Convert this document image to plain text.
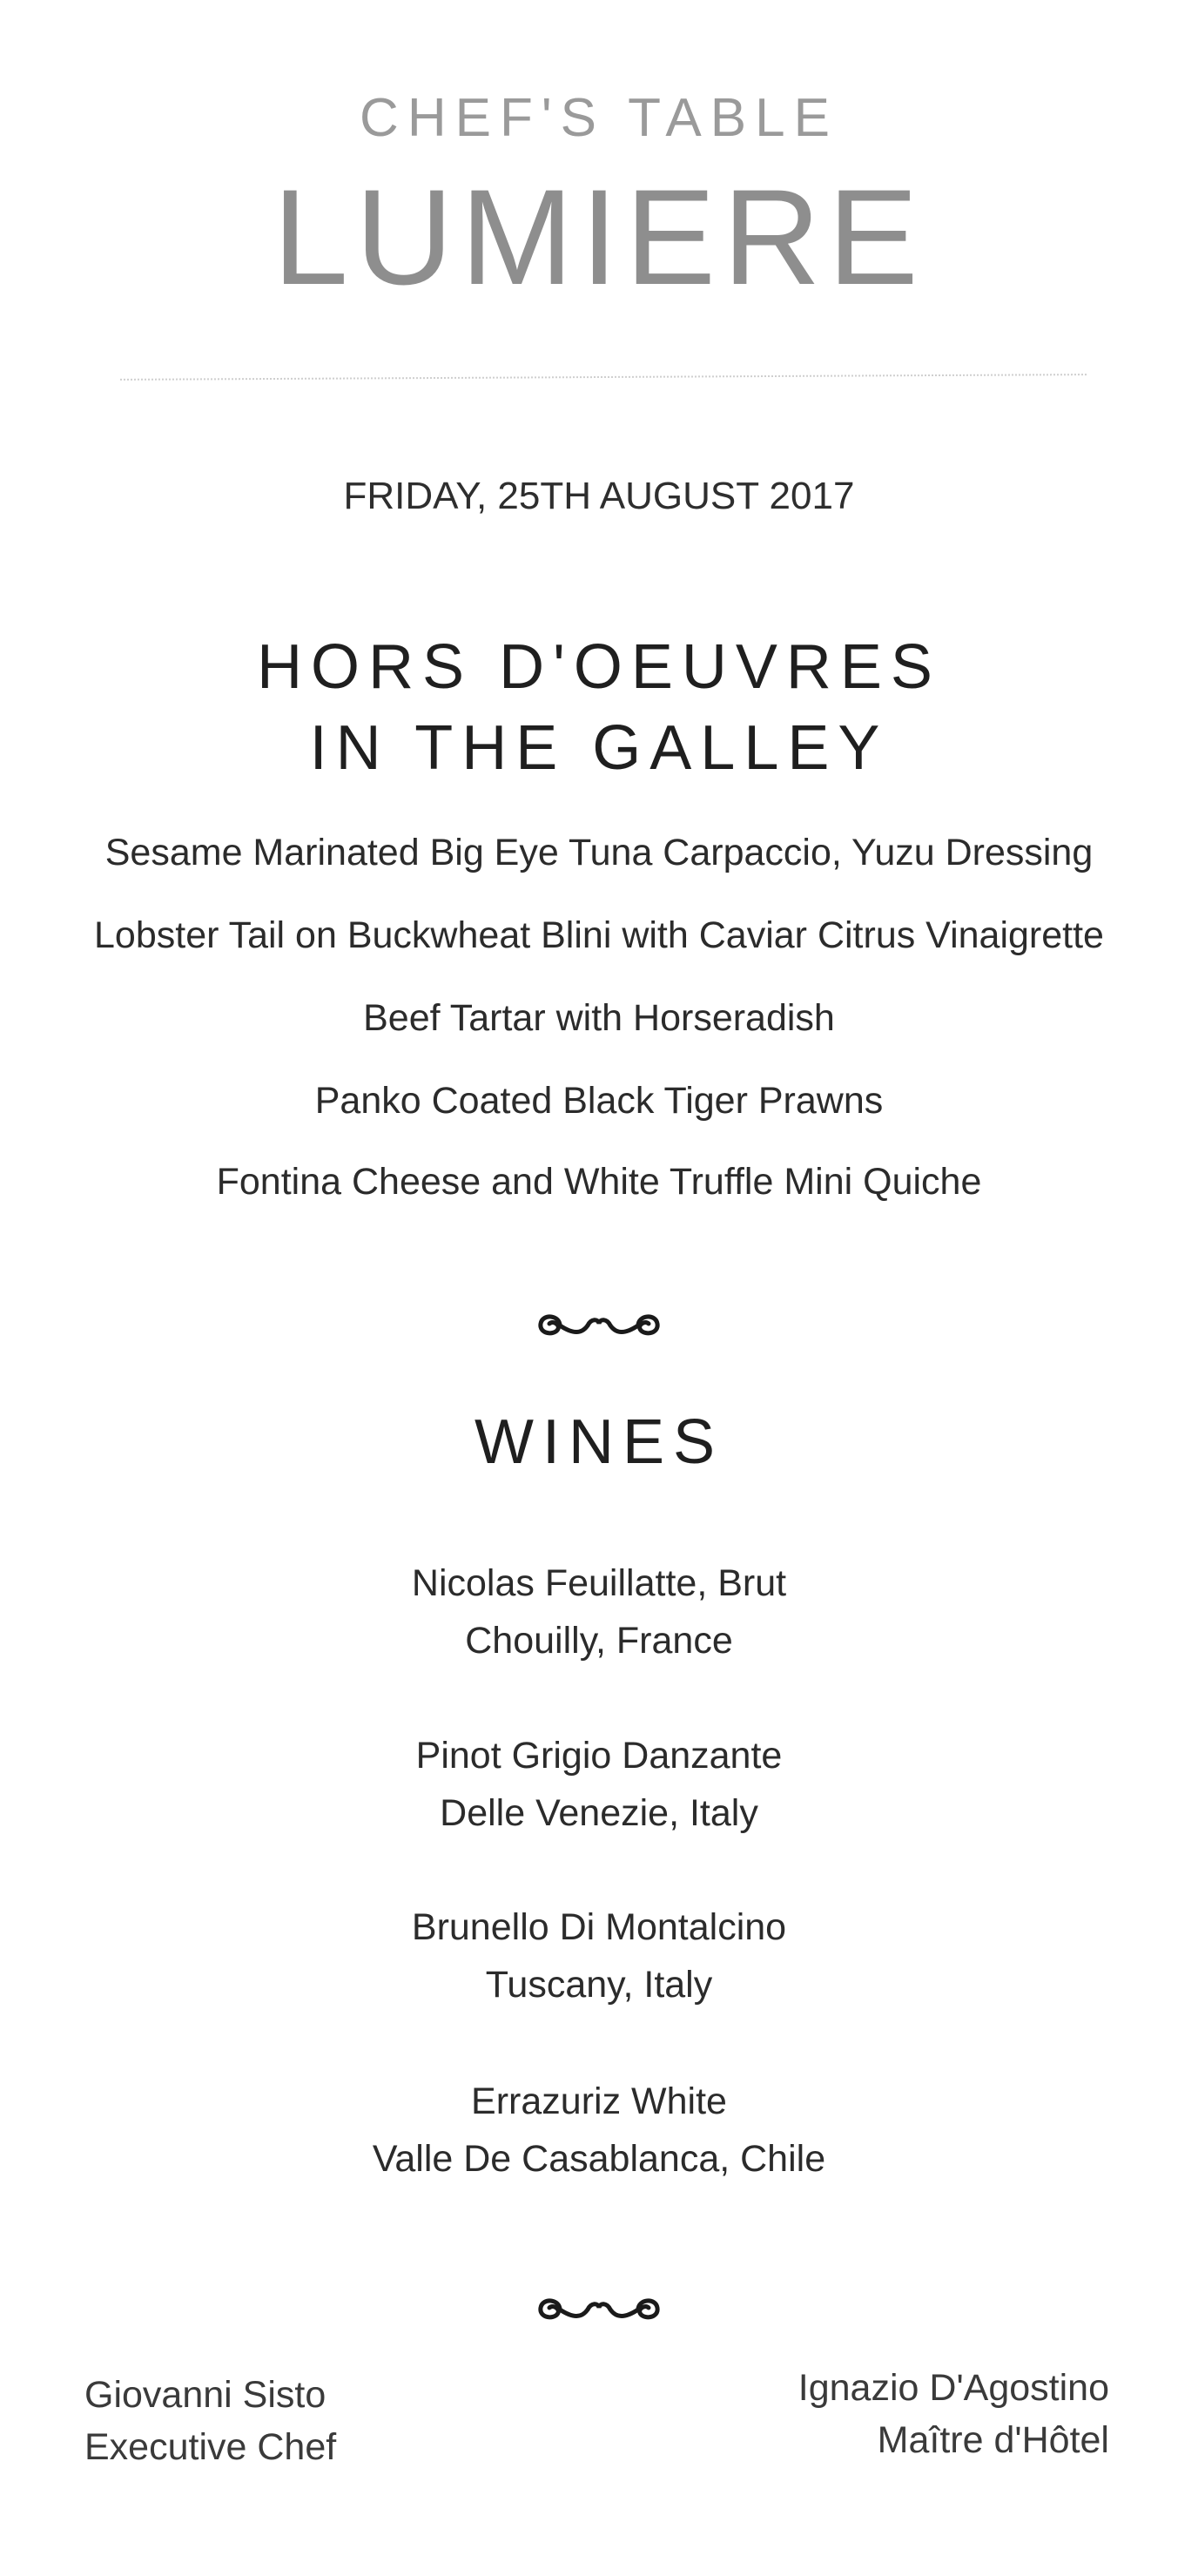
CHEF'S TABLE
LUMIERE
FRIDAY, 25TH AUGUST 2017
HORS D'OEUVRES
IN THE GALLEY
Sesame Marinated Big Eye Tuna Carpaccio, Yuzu Dressing
Lobster Tail on Buckwheat Blini with Caviar Citrus Vinaigrette
Beef Tartar with Horseradish
Panko Coated Black Tiger Prawns
Fontina Cheese and White Truffle Mini Quiche
WINES
Nicolas Feuillatte, Brut
Chouilly, France
Pinot Grigio Danzante
Delle Venezie, Italy
Brunello Di Montalcino
Tuscany, Italy
Errazuriz White
Valle De Casablanca, Chile
Giovanni Sisto
Executive Chef
Ignazio D'Agostino
Maître d'Hôtel
